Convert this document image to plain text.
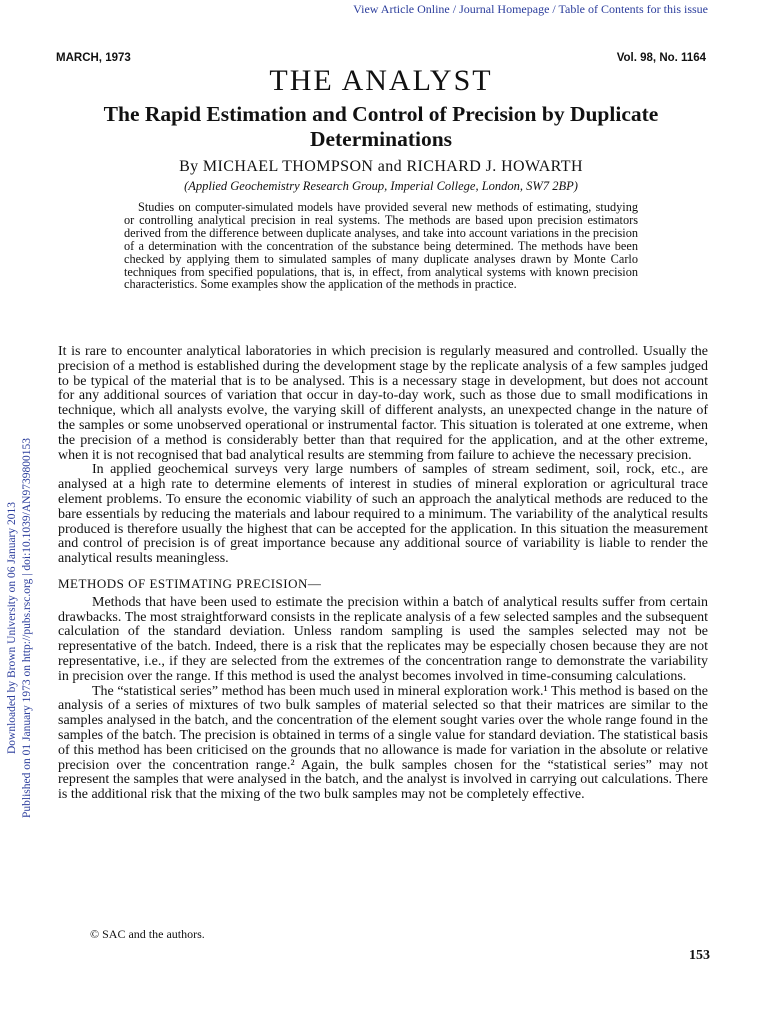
View Article Online / Journal Homepage / Table of Contents for this issue
Downloaded by Brown University on 06 January 2013 Published on 01 January 1973 on http://pubs.rsc.org | doi:10.1039/AN9739800153
MARCH, 1973	Vol. 98, No. 1164
THE ANALYST
The Rapid Estimation and Control of Precision by Duplicate Determinations
By MICHAEL THOMPSON and RICHARD J. HOWARTH
(Applied Geochemistry Research Group, Imperial College, London, SW7 2BP)

Studies on computer-simulated models have provided several new methods of estimating, studying or controlling analytical precision in real systems. The methods are based upon precision estimators derived from the difference between duplicate analyses, and take into account variations in the precision of a determination with the concentration of the substance being determined. The methods have been checked by applying them to simulated samples of many duplicate analyses drawn by Monte Carlo techniques from specified populations, that is, in effect, from analytical systems with known precision characteristics. Some examples show the application of the methods in practice.

It is rare to encounter analytical laboratories in which precision is regularly measured and controlled. Usually the precision of a method is established during the development stage by the replicate analysis of a few samples judged to be typical of the material that is to be analysed. This is a necessary stage in development, but does not account for any additional sources of variation that occur in day-to-day work, such as those due to small modifications in technique, which all analysts evolve, the varying skill of different analysts, an unexpected change in the nature of the samples or some unobserved operational or instrumental factor. This situation is tolerated at one extreme, when the precision of a method is considerably better than that required for the application, and at the other extreme, when it is not recognised that bad analytical results are stemming from failure to achieve the necessary precision.

In applied geochemical surveys very large numbers of samples of stream sediment, soil, rock, etc., are analysed at a high rate to determine elements of interest in studies of mineral exploration or agricultural trace element problems. To ensure the economic viability of such an approach the analytical methods are reduced to the bare essentials by reducing the materials and labour required to a minimum. The variability of the analytical results produced is therefore usually the highest that can be accepted for the application. In this situation the measurement and control of precision is of great importance because any additional source of variability is liable to render the analytical results meaningless.

METHODS OF ESTIMATING PRECISION—

Methods that have been used to estimate the precision within a batch of analytical results suffer from certain drawbacks. The most straightforward consists in the replicate analysis of a few selected samples and the subsequent calculation of the standard deviation. Unless random sampling is used the samples selected may not be representative of the batch. Indeed, there is a risk that the replicates may be especially chosen because they are not representative, i.e., if they are selected from the extremes of the concentration range to demonstrate the variability in precision over the range. If this method is used the analyst becomes involved in time-consuming calculations.

The “statistical series” method has been much used in mineral exploration work.¹ This method is based on the analysis of a series of mixtures of two bulk samples of material selected so that their matrices are similar to the samples analysed in the batch, and the concentration of the element sought varies over the whole range found in the samples of the batch. The precision is obtained in terms of a single value for standard deviation. The statistical basis of this method has been criticised on the grounds that no allowance is made for variation in the absolute or relative precision over the concentration range.² Again, the bulk samples chosen for the “statistical series” may not represent the samples that were analysed in the batch, and the analyst is involved in carrying out calculations. There is the additional risk that the mixing of the two bulk samples may not be completely effective.

© SAC and the authors.
153
